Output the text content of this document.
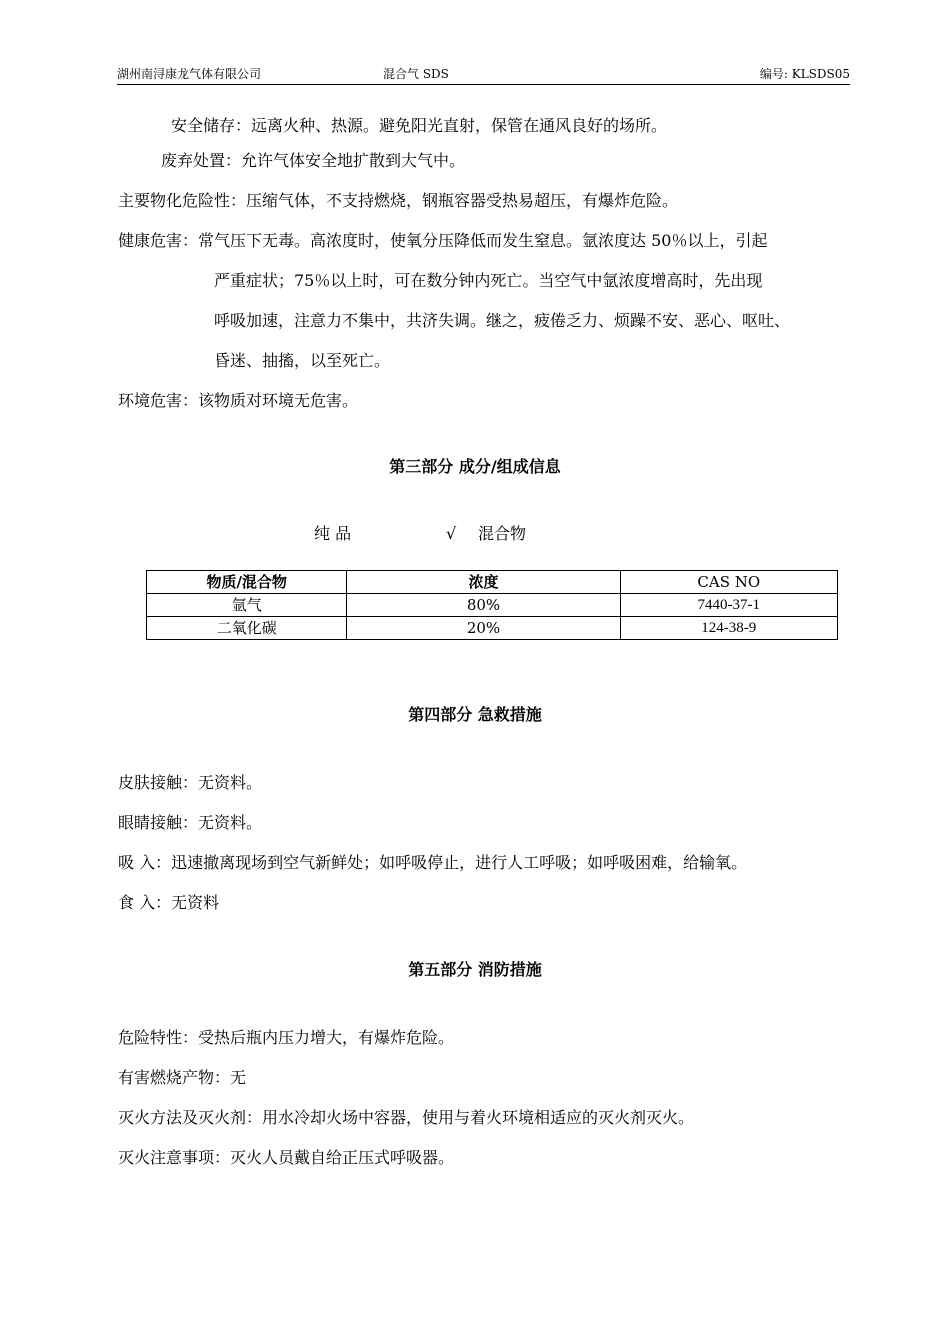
湖州南浔康龙气体有限公司	混合气 SDS	编号: KLSDS05
安全储存：远离火种、热源。避免阳光直射，保管在通风良好的场所。
废弃处置：允许气体安全地扩散到大气中。
主要物化危险性：压缩气体，不支持燃烧，钢瓶容器受热易超压，有爆炸危险。
健康危害：常气压下无毒。高浓度时，使氧分压降低而发生窒息。氩浓度达 50％以上，引起
严重症状；75％以上时，可在数分钟内死亡。当空气中氩浓度增高时，先出现
呼吸加速，注意力不集中，共济失调。继之，疲倦乏力、烦躁不安、恶心、呕吐、
昏迷、抽搐，以至死亡。
环境危害：该物质对环境无危害。
第三部分 成分/组成信息
纯 品	√ 混合物
物质/混合物	浓度	CAS NO
氩气	80%	7440-37-1
二氧化碳	20%	124-38-9
第四部分 急救措施
皮肤接触：无资料。
眼睛接触：无资料。
吸 入：迅速撤离现场到空气新鲜处；如呼吸停止，进行人工呼吸；如呼吸困难，给输氧。
食 入：无资料
第五部分 消防措施
危险特性：受热后瓶内压力增大，有爆炸危险。
有害燃烧产物：无
灭火方法及灭火剂：用水冷却火场中容器，使用与着火环境相适应的灭火剂灭火。
灭火注意事项：灭火人员戴自给正压式呼吸器。
